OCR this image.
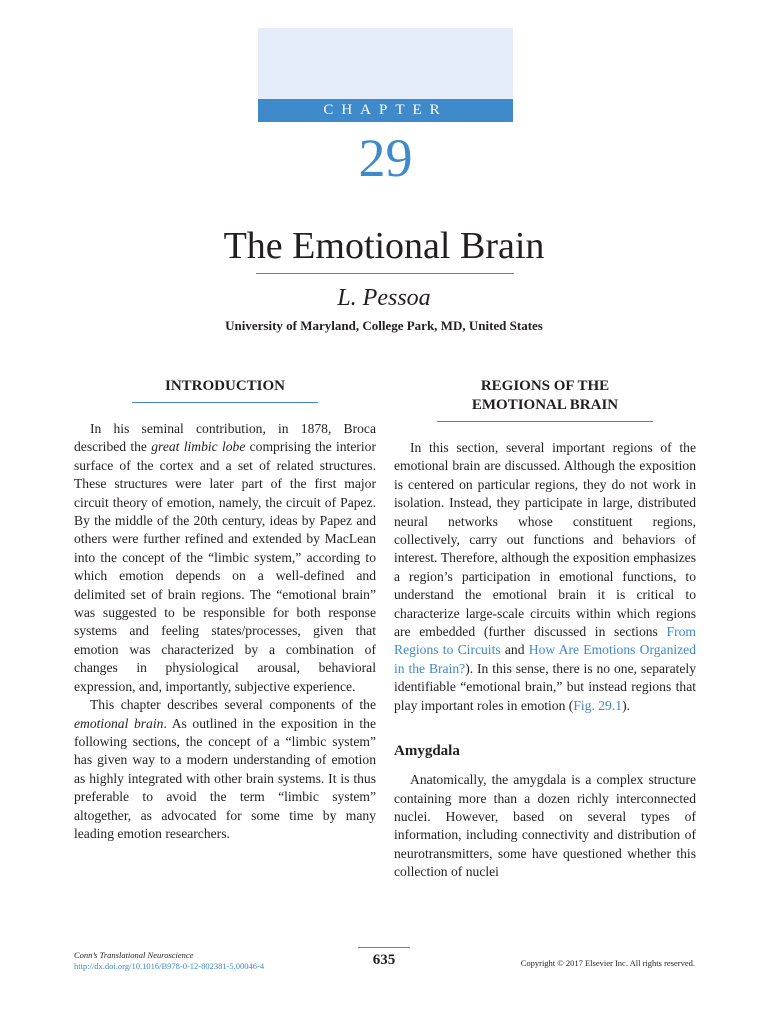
CHAPTER
29
The Emotional Brain
L. Pessoa
University of Maryland, College Park, MD, United States
INTRODUCTION

In his seminal contribution, in 1878, Broca described the great limbic lobe comprising the interior surface of the cortex and a set of related structures. These structures were later part of the first major circuit theory of emotion, namely, the circuit of Papez. By the middle of the 20th century, ideas by Papez and others were further refined and extended by MacLean into the concept of the “limbic system,” according to which emotion depends on a well-defined and delimited set of brain regions. The “emotional brain” was suggested to be responsible for both response systems and feeling states/processes, given that emotion was characterized by a combination of changes in physiological arousal, behavioral expression, and, importantly, subjective experience.

This chapter describes several components of the emotional brain. As outlined in the exposition in the following sections, the concept of a “limbic system” has given way to a modern understanding of emotion as highly integrated with other brain systems. It is thus preferable to avoid the term “limbic system” altogether, as advocated for some time by many leading emotion researchers.

REGIONS OF THE EMOTIONAL BRAIN

In this section, several important regions of the emotional brain are discussed. Although the exposition is centered on particular regions, they do not work in isolation. Instead, they participate in large, distributed neural networks whose constituent regions, collectively, carry out functions and behaviors of interest. Therefore, although the exposition emphasizes a region’s participation in emotional functions, to understand the emotional brain it is critical to characterize large-scale circuits within which regions are embedded (further discussed in sections From Regions to Circuits and How Are Emotions Organized in the Brain?). In this sense, there is no one, separately identifiable “emotional brain,” but instead regions that play important roles in emotion (Fig. 29.1).

Amygdala

Anatomically, the amygdala is a complex structure containing more than a dozen richly interconnected nuclei. However, based on several types of information, including connectivity and distribution of neurotransmitters, some have questioned whether this collection of nuclei

Conn’s Translational Neuroscience
http://dx.doi.org/10.1016/B978-0-12-802381-5.00046-4	635	Copyright © 2017 Elsevier Inc. All rights reserved.
